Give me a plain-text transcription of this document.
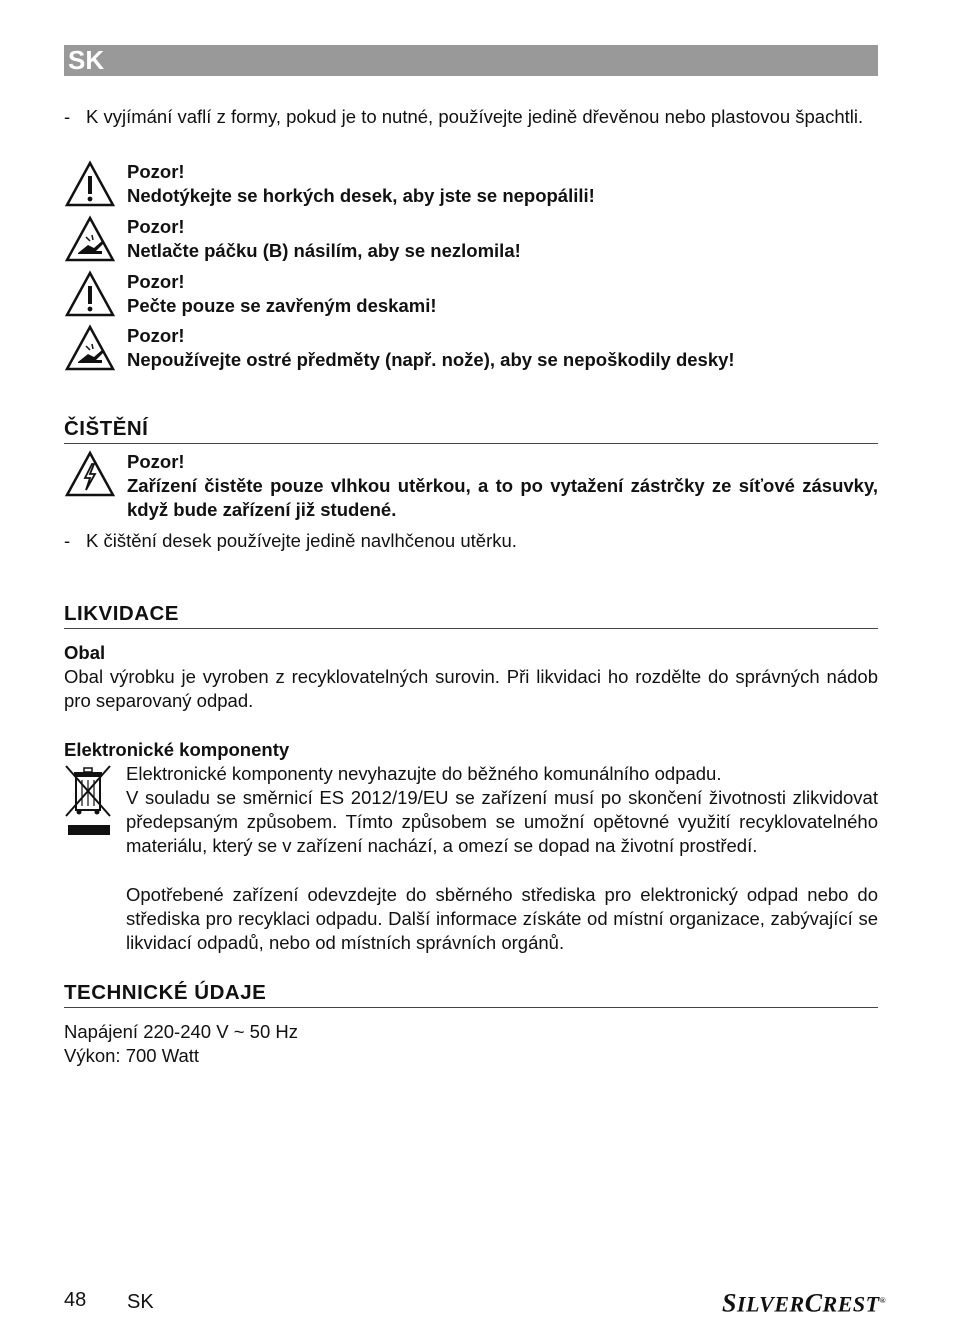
SK
- K vyjímání vaflí z formy, pokud je to nutné, používejte jedině dřevěnou nebo plastovou špachtli.
Pozor!
Nedotýkejte se horkých desek, aby jste se nepopálili!
Pozor!
Netlačte páčku (B) násilím, aby se nezlomila!
Pozor!
Pečte pouze se zavřeným deskami!
Pozor!
Nepoužívejte ostré předměty (např. nože), aby se nepoškodily desky!
ČIŠTĚNÍ
Pozor!
Zařízení čistěte pouze vlhkou utěrkou, a to po vytažení zástrčky ze síťové zásuvky, když bude zařízení již studené.
- K čištění desek používejte jedině navlhčenou utěrku.
LIKVIDACE
Obal
Obal výrobku je vyroben z recyklovatelných surovin. Při likvidaci ho rozdělte do správných nádob pro separovaný odpad.
Elektronické komponenty
Elektronické komponenty nevyhazujte do běžného komunálního odpadu.
V souladu se směrnicí ES 2012/19/EU se zařízení musí po skončení životnosti zlikvidovat předepsaným způsobem. Tímto způsobem se umožní opětovné využití recyklovatelného materiálu, který se v zařízení nachází, a omezí se dopad na životní prostředí.
Opotřebené zařízení odevzdejte do sběrného střediska pro elektronický odpad nebo do střediska pro recyklaci odpadu. Další informace získáte od místní organizace, zabývající se likvidací odpadů, nebo od místních správních orgánů.
TECHNICKÉ ÚDAJE
Napájení 220-240 V ~ 50 Hz
Výkon: 700 Watt
48 SK	SILVERCREST®
